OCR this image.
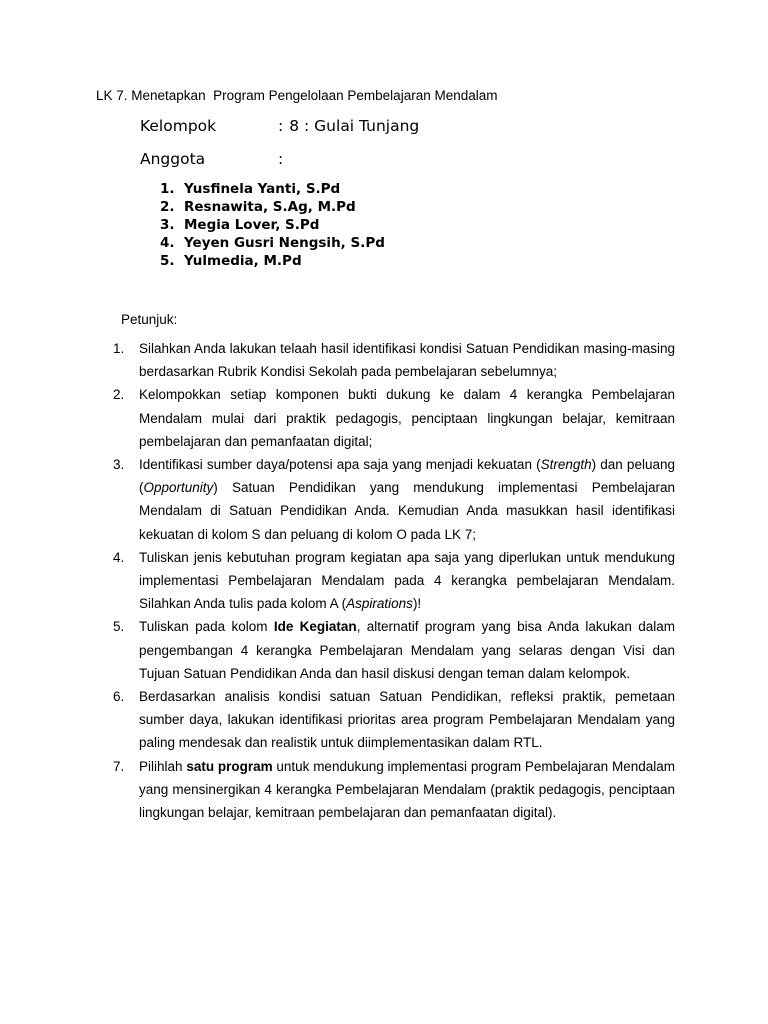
LK 7. Menetapkan  Program Pengelolaan Pembelajaran Mendalam
Kelompok	: 8 : Gulai Tunjang
Anggota	:
1. Yusfinela Yanti, S.Pd
2. Resnawita, S.Ag, M.Pd
3. Megia Lover, S.Pd
4. Yeyen Gusri Nengsih, S.Pd
5. Yulmedia, M.Pd
Petunjuk:
1. Silahkan Anda lakukan telaah hasil identifikasi kondisi Satuan Pendidikan masing-masing berdasarkan Rubrik Kondisi Sekolah pada pembelajaran sebelumnya;
2. Kelompokkan setiap komponen bukti dukung ke dalam 4 kerangka Pembelajaran Mendalam mulai dari praktik pedagogis, penciptaan lingkungan belajar, kemitraan pembelajaran dan pemanfaatan digital;
3. Identifikasi sumber daya/potensi apa saja yang menjadi kekuatan (Strength) dan peluang (Opportunity) Satuan Pendidikan yang mendukung implementasi Pembelajaran Mendalam di Satuan Pendidikan Anda. Kemudian Anda masukkan hasil identifikasi kekuatan di kolom S dan peluang di kolom O pada LK 7;
4. Tuliskan jenis kebutuhan program kegiatan apa saja yang diperlukan untuk mendukung implementasi Pembelajaran Mendalam pada 4 kerangka pembelajaran Mendalam. Silahkan Anda tulis pada kolom A (Aspirations)!
5. Tuliskan pada kolom Ide Kegiatan, alternatif program yang bisa Anda lakukan dalam pengembangan 4 kerangka Pembelajaran Mendalam yang selaras dengan Visi dan Tujuan Satuan Pendidikan Anda dan hasil diskusi dengan teman dalam kelompok.
6. Berdasarkan analisis kondisi satuan Satuan Pendidikan, refleksi praktik, pemetaan sumber daya, lakukan identifikasi prioritas area program Pembelajaran Mendalam yang paling mendesak dan realistik untuk diimplementasikan dalam RTL.
7. Pilihlah satu program untuk mendukung implementasi program Pembelajaran Mendalam yang mensinergikan 4 kerangka Pembelajaran Mendalam (praktik pedagogis, penciptaan lingkungan belajar, kemitraan pembelajaran dan pemanfaatan digital).
